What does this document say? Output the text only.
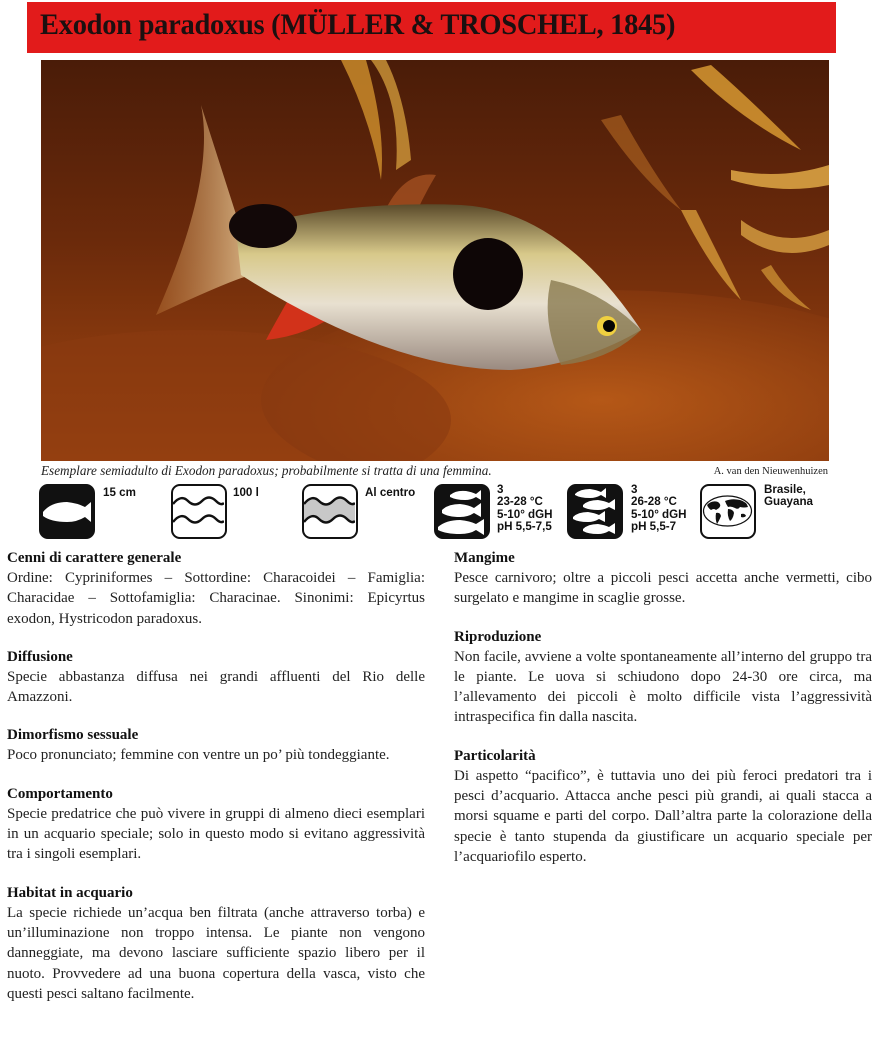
Exodon paradoxus (MÜLLER & TROSCHEL, 1845)
Esemplare semiadulto di Exodon paradoxus; probabilmente si tratta di una femmina.	A. van den Nieuwenhuizen
15 cm	100 l	Al centro	3
23-28 °C
5-10° dGH
pH 5,5-7,5
3
26-28 °C
5-10° dGH
pH 5,5-7
Brasile,
Guayana
Cenni di carattere generale

Ordine: Cypriniformes – Sottordine: Characoidei – Famiglia: Characidae – Sottofamiglia: Characinae. Sinonimi: Epicyrtus exodon, Hystricodon paradoxus.

Diffusione

Specie abbastanza diffusa nei grandi affluenti del Rio delle Amazzoni.

Dimorfismo sessuale

Poco pronunciato; femmine con ventre un po’ più tondeggiante.

Comportamento

Specie predatrice che può vivere in gruppi di almeno dieci esemplari in un acquario speciale; solo in questo modo si evitano aggressività tra i singoli esemplari.

Habitat in acquario

La specie richiede un’acqua ben filtrata (anche attraverso torba) e un’illuminazione non troppo intensa. Le piante non vengono danneggiate, ma devono lasciare sufficiente spazio libero per il nuoto. Provvedere ad una buona copertura della vasca, visto che questi pesci saltano facilmente.

Mangime

Pesce carnivoro; oltre a piccoli pesci accetta anche vermetti, cibo surgelato e mangime in scaglie grosse.

Riproduzione

Non facile, avviene a volte spontaneamente all’interno del gruppo tra le piante. Le uova si schiudono dopo 24-30 ore circa, ma l’allevamento dei piccoli è molto difficile vista l’aggressività intraspecifica fin dalla nascita.

Particolarità

Di aspetto “pacifico”, è tuttavia uno dei più feroci predatori tra i pesci d’acquario. Attacca anche pesci più grandi, ai quali stacca a morsi squame e parti del corpo. Dall’altra parte la colorazione della specie è tanto stupenda da giustificare un acquario speciale per l’acquariofilo esperto.
